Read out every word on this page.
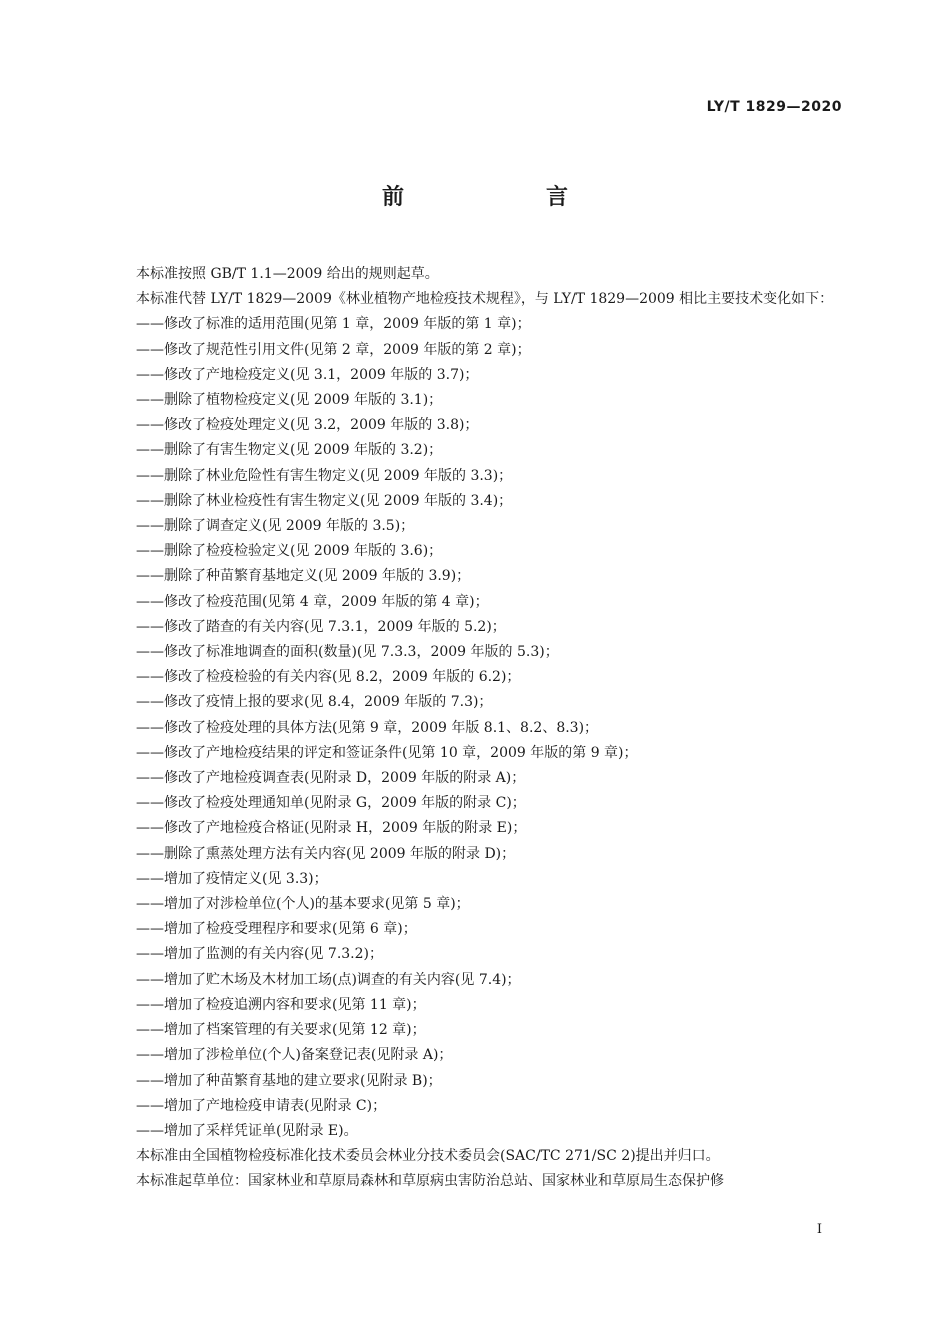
LY/T 1829—2020
前　言

本标准按照 GB/T 1.1—2009 给出的规则起草。

本标准代替 LY/T 1829—2009《林业植物产地检疫技术规程》，与 LY/T 1829—2009 相比主要技术变化如下：

——修改了标准的适用范围(见第 1 章，2009 年版的第 1 章)；

——修改了规范性引用文件(见第 2 章，2009 年版的第 2 章)；

——修改了产地检疫定义(见 3.1，2009 年版的 3.7)；

——删除了植物检疫定义(见 2009 年版的 3.1)；

——修改了检疫处理定义(见 3.2，2009 年版的 3.8)；

——删除了有害生物定义(见 2009 年版的 3.2)；

——删除了林业危险性有害生物定义(见 2009 年版的 3.3)；

——删除了林业检疫性有害生物定义(见 2009 年版的 3.4)；

——删除了调查定义(见 2009 年版的 3.5)；

——删除了检疫检验定义(见 2009 年版的 3.6)；

——删除了种苗繁育基地定义(见 2009 年版的 3.9)；

——修改了检疫范围(见第 4 章，2009 年版的第 4 章)；

——修改了踏查的有关内容(见 7.3.1，2009 年版的 5.2)；

——修改了标准地调查的面积(数量)(见 7.3.3，2009 年版的 5.3)；

——修改了检疫检验的有关内容(见 8.2，2009 年版的 6.2)；

——修改了疫情上报的要求(见 8.4，2009 年版的 7.3)；

——修改了检疫处理的具体方法(见第 9 章，2009 年版 8.1、8.2、8.3)；

——修改了产地检疫结果的评定和签证条件(见第 10 章，2009 年版的第 9 章)；

——修改了产地检疫调查表(见附录 D，2009 年版的附录 A)；

——修改了检疫处理通知单(见附录 G，2009 年版的附录 C)；

——修改了产地检疫合格证(见附录 H，2009 年版的附录 E)；

——删除了熏蒸处理方法有关内容(见 2009 年版的附录 D)；

——增加了疫情定义(见 3.3)；

——增加了对涉检单位(个人)的基本要求(见第 5 章)；

——增加了检疫受理程序和要求(见第 6 章)；

——增加了监测的有关内容(见 7.3.2)；

——增加了贮木场及木材加工场(点)调查的有关内容(见 7.4)；

——增加了检疫追溯内容和要求(见第 11 章)；

——增加了档案管理的有关要求(见第 12 章)；

——增加了涉检单位(个人)备案登记表(见附录 A)；

——增加了种苗繁育基地的建立要求(见附录 B)；

——增加了产地检疫申请表(见附录 C)；

——增加了采样凭证单(见附录 E)。

本标准由全国植物检疫标准化技术委员会林业分技术委员会(SAC/TC 271/SC 2)提出并归口。

本标准起草单位：国家林业和草原局森林和草原病虫害防治总站、国家林业和草原局生态保护修

I
